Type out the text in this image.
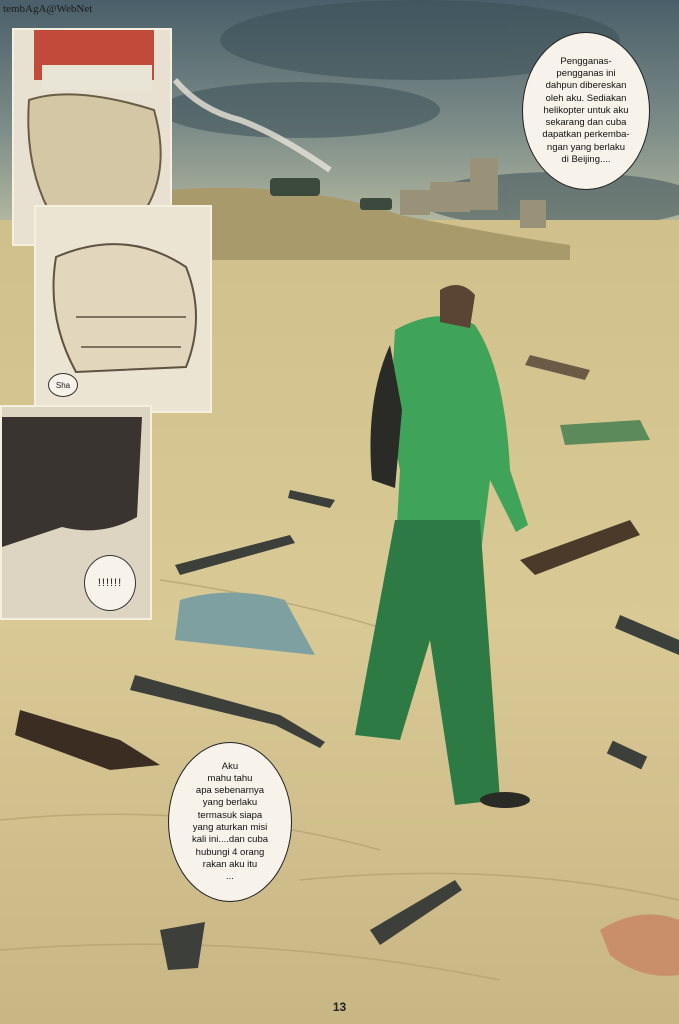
tembAgA@WebNet
Sha
!!!!!!
Pengganas-
pengganas ini
dahpun dibereskan
oleh aku. Sediakan
helikopter untuk aku
sekarang dan cuba
dapatkan perkemba-
ngan yang berlaku
di Beijing....
Aku
mahu tahu
apa sebenarnya
yang berlaku
termasuk siapa
yang aturkan misi
kali ini....dan cuba
hubungi 4 orang
rakan aku itu
...
13
